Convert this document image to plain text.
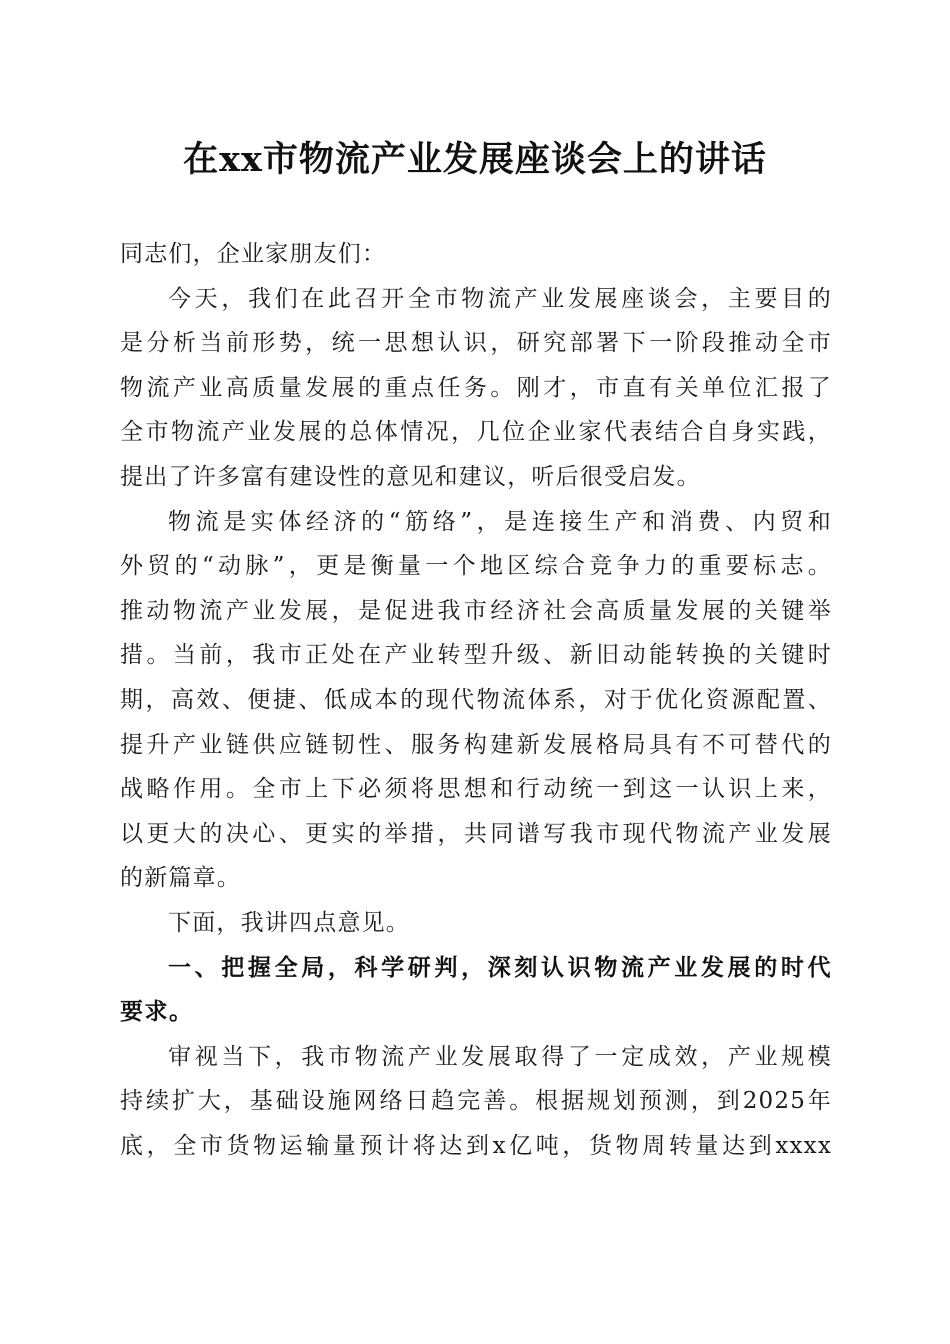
在xx市物流产业发展座谈会上的讲话
同志们，企业家朋友们：
今天，我们在此召开全市物流产业发展座谈会，主要目的
是分析当前形势，统一思想认识，研究部署下一阶段推动全市
物流产业高质量发展的重点任务。刚才，市直有关单位汇报了
全市物流产业发展的总体情况，几位企业家代表结合自身实践，
提出了许多富有建设性的意见和建议，听后很受启发。
物流是实体经济的“筋络”，是连接生产和消费、内贸和
外贸的“动脉”，更是衡量一个地区综合竞争力的重要标志。
推动物流产业发展，是促进我市经济社会高质量发展的关键举
措。当前，我市正处在产业转型升级、新旧动能转换的关键时
期，高效、便捷、低成本的现代物流体系，对于优化资源配置、
提升产业链供应链韧性、服务构建新发展格局具有不可替代的
战略作用。全市上下必须将思想和行动统一到这一认识上来，
以更大的决心、更实的举措，共同谱写我市现代物流产业发展
的新篇章。
下面，我讲四点意见。
一、把握全局，科学研判，深刻认识物流产业发展的时代
要求。
审视当下，我市物流产业发展取得了一定成效，产业规模
持续扩大，基础设施网络日趋完善。根据规划预测，到2025年
底，全市货物运输量预计将达到x亿吨，货物周转量达到xxxx
